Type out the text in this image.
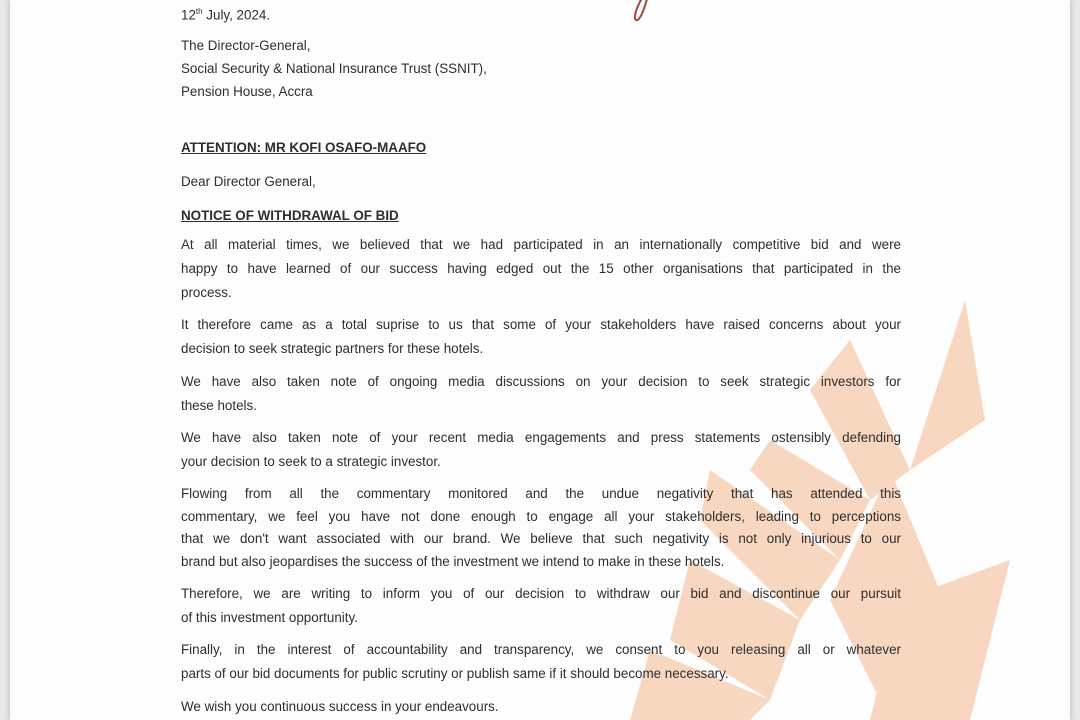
12th July, 2024.
The Director-General,
Social Security & National Insurance Trust (SSNIT),
Pension House, Accra
ATTENTION: MR KOFI OSAFO-MAAFO
Dear Director General,
NOTICE OF WITHDRAWAL OF BID
At all material times, we believed that we had participated in an internationally competitive bid and were
happy to have learned of our success having edged out the 15 other organisations that participated in the
process.
It therefore came as a total suprise to us that some of your stakeholders have raised concerns about your
decision to seek strategic partners for these hotels.
We have also taken note of ongoing media discussions on your decision to seek strategic investors for
these hotels.
We have also taken note of your recent media engagements and press statements ostensibly defending
your decision to seek to a strategic investor.
Flowing from all the commentary monitored and the undue negativity that has attended this
commentary, we feel you have not done enough to engage all your stakeholders, leading to perceptions
that we don't want associated with our brand. We believe that such negativity is not only injurious to our
brand but also jeopardises the success of the investment we intend to make in these hotels.
Therefore, we are writing to inform you of our decision to withdraw our bid and discontinue our pursuit
of this investment opportunity.
Finally, in the interest of accountability and transparency, we consent to you releasing all or whatever
parts of our bid documents for public scrutiny or publish same if it should become necessary.
We wish you continuous success in your endeavours.
